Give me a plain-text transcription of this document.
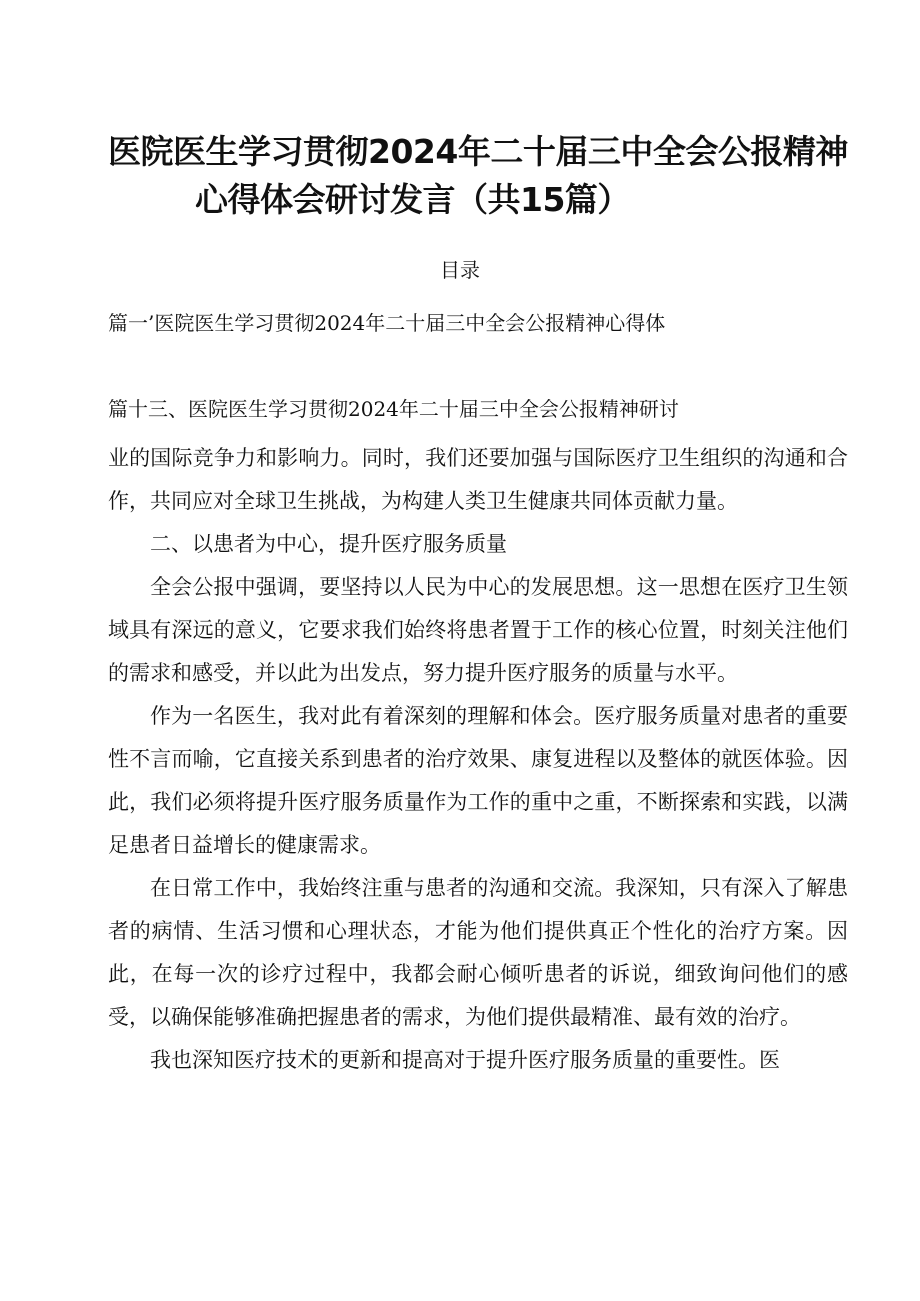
医院医生学习贯彻2024年二十届三中全会公报精神
心得体会研讨发言（共15篇）
目录
篇一’医院医生学习贯彻2024年二十届三中全会公报精神心得体
篇十三、医院医生学习贯彻2024年二十届三中全会公报精神研讨

业的国际竞争力和影响力。同时，我们还要加强与国际医疗卫生组织的沟通和合作，共同应对全球卫生挑战，为构建人类卫生健康共同体贡献力量。

二、以患者为中心，提升医疗服务质量

全会公报中强调，要坚持以人民为中心的发展思想。这一思想在医疗卫生领域具有深远的意义，它要求我们始终将患者置于工作的核心位置，时刻关注他们的需求和感受，并以此为出发点，努力提升医疗服务的质量与水平。

作为一名医生，我对此有着深刻的理解和体会。医疗服务质量对患者的重要性不言而喻，它直接关系到患者的治疗效果、康复进程以及整体的就医体验。因此，我们必须将提升医疗服务质量作为工作的重中之重，不断探索和实践，以满足患者日益增长的健康需求。

在日常工作中，我始终注重与患者的沟通和交流。我深知，只有深入了解患者的病情、生活习惯和心理状态，才能为他们提供真正个性化的治疗方案。因此，在每一次的诊疗过程中，我都会耐心倾听患者的诉说，细致询问他们的感受，以确保能够准确把握患者的需求，为他们提供最精准、最有效的治疗。

我也深知医疗技术的更新和提高对于提升医疗服务质量的重要性。医
